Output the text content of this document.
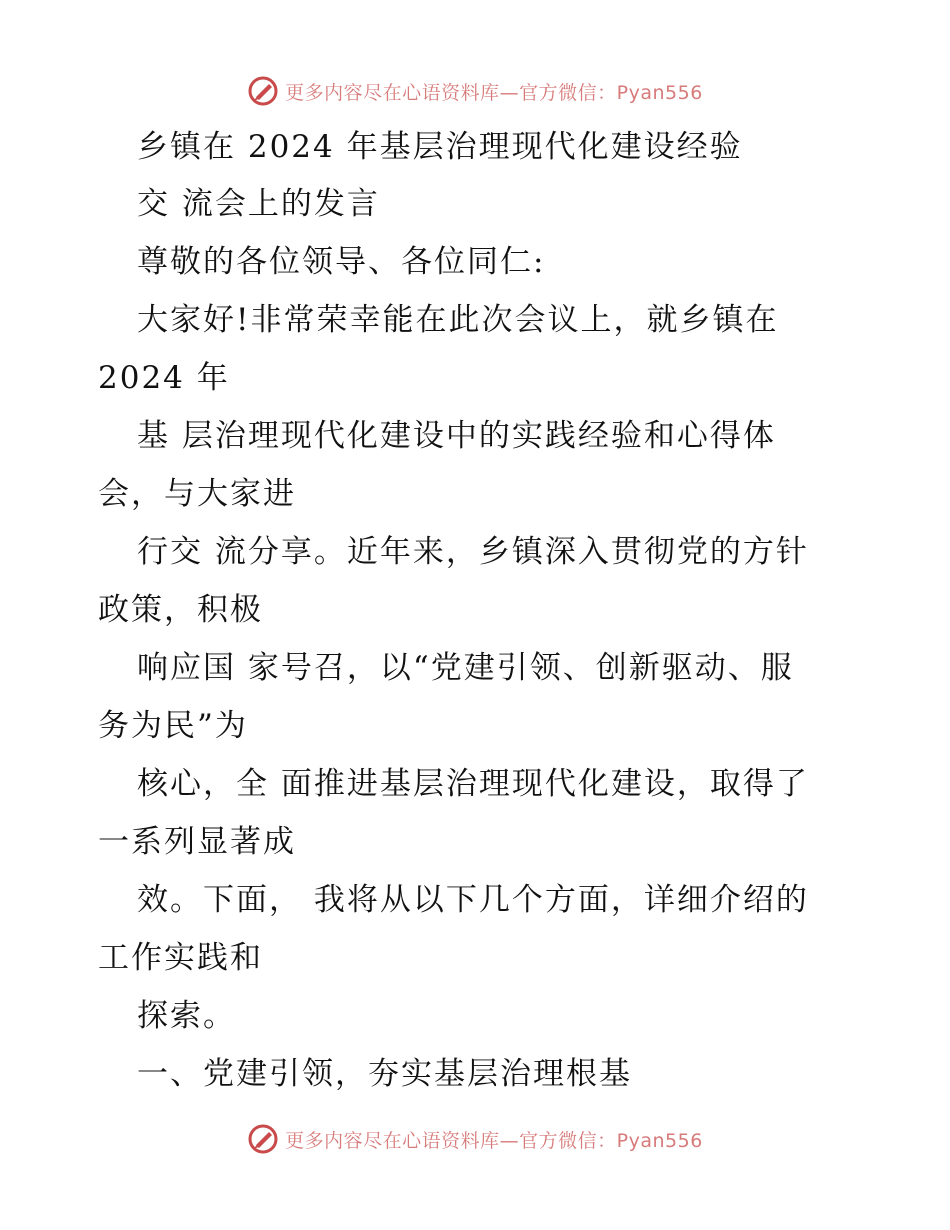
更多内容尽在心语资料库—官方微信：Pyan556
乡镇在 2024 年基层治理现代化建设经验
交 流会上的发言
尊敬的各位领导、各位同仁:
大家好!非常荣幸能在此次会议上，就乡镇在
2024 年
基 层治理现代化建设中的实践经验和心得体
会，与大家进
行交 流分享。近年来，乡镇深入贯彻党的方针
政策，积极
响应国 家号召，以“党建引领、创新驱动、服
务为民”为
核心，全 面推进基层治理现代化建设，取得了
一系列显著成
效。下面， 我将从以下几个方面，详细介绍的
工作实践和
探索。
一、党建引领，夯实基层治理根基
更多内容尽在心语资料库—官方微信：Pyan556
